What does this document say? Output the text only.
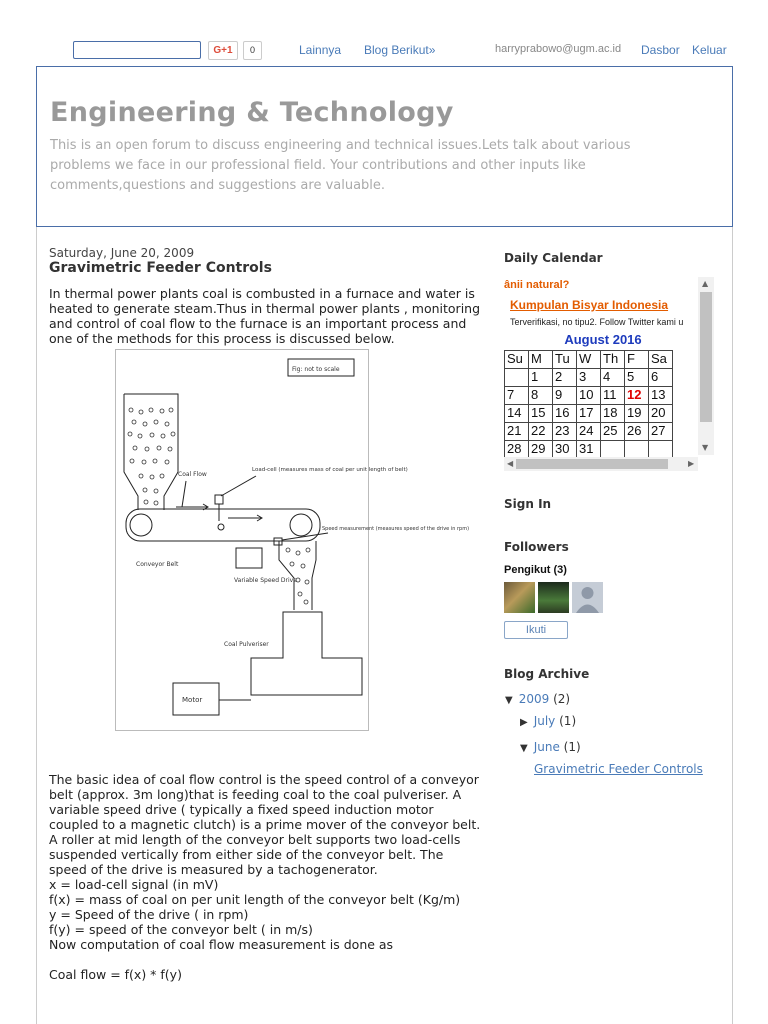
G+1	0	Lainnya Blog Berikut»	harryprabowo@ugm.ac.id Dasbor Keluar
Engineering & Technology

This is an open forum to discuss engineering and technical issues.Lets talk about various problems we face in our professional field. Your contributions and other inputs like comments,questions and suggestions are valuable.

Saturday, June 20, 2009
Gravimetric Feeder Controls

In thermal power plants coal is combusted in a furnace and water is heated to generate steam.Thus in thermal power plants , monitoring and control of coal flow to the furnace is an important process and one of the methods for this process is discussed below.

Fig: not to scale
Coal Flow
Load-cell (measures mass of coal per unit length of belt)
Speed measurement (measures speed of the drive in rpm)
Conveyor Belt
Variable Speed Drive
Coal Pulveriser
Motor
The basic idea of coal flow control is the speed control of a conveyor
belt (approx. 3m long)that is feeding coal to the coal pulveriser. A
variable speed drive ( typically a fixed speed induction motor
coupled to a magnetic clutch) is a prime mover of the conveyor belt.
A roller at mid length of the conveyor belt supports two load-cells
suspended vertically from either side of the conveyor belt. The
speed of the drive is measured by a tachogenerator.
x = load-cell signal (in mV)
f(x) = mass of coal on per unit length of the conveyor belt (Kg/m)
y = Speed of the drive ( in rpm)
f(y) = speed of the conveyor belt ( in m/s)
Now computation of coal flow measurement is done as
Coal flow = f(x) * f(y)
Daily Calendar
ânii natural?
Kumpulan Bisyar Indonesia
Terverifikasi, no tipu2. Follow Twitter kami u
August 2016
Su	M	Tu	W	Th	F	Sa
	1	2	3	4	5	6
7	8	9	10	11	12	13
14	15	16	17	18	19	20
21	22	23	24	25	26	27
28	29	30	31			
▲
▼
◀	▶
Sign In
Followers
Pengikut (3)
Ikuti
Blog Archive
▼ 2009 (2)
▶ July (1)
▼ June (1)
Gravimetric Feeder Controls
